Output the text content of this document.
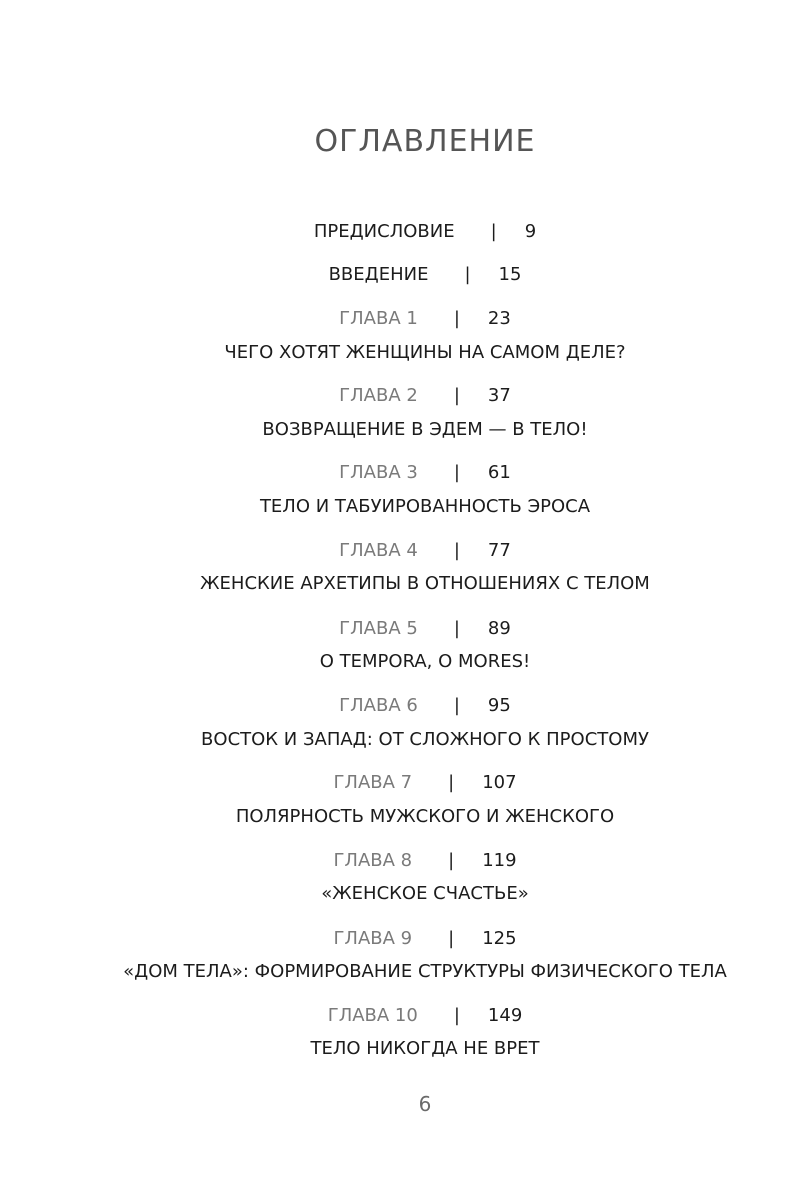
ОГЛАВЛЕНИЕ
ПРЕДИСЛОВИЕ | 9
ВВЕДЕНИЕ | 15
ГЛАВА 1 | 23
ЧЕГО ХОТЯТ ЖЕНЩИНЫ НА САМОМ ДЕЛЕ?
ГЛАВА 2 | 37
ВОЗВРАЩЕНИЕ В ЭДЕМ — В ТЕЛО!
ГЛАВА 3 | 61
ТЕЛО И ТАБУИРОВАННОСТЬ ЭРОСА
ГЛАВА 4 | 77
ЖЕНСКИЕ АРХЕТИПЫ В ОТНОШЕНИЯХ С ТЕЛОМ
ГЛАВА 5 | 89
O TEMPORA, O MORES!
ГЛАВА 6 | 95
ВОСТОК И ЗАПАД: ОТ СЛОЖНОГО К ПРОСТОМУ
ГЛАВА 7 | 107
ПОЛЯРНОСТЬ МУЖСКОГО И ЖЕНСКОГО
ГЛАВА 8 | 119
«ЖЕНСКОЕ СЧАСТЬЕ»
ГЛАВА 9 | 125
«ДОМ ТЕЛА»: ФОРМИРОВАНИЕ СТРУКТУРЫ ФИЗИЧЕСКОГО ТЕЛА
ГЛАВА 10 | 149
ТЕЛО НИКОГДА НЕ ВРЕТ
6
